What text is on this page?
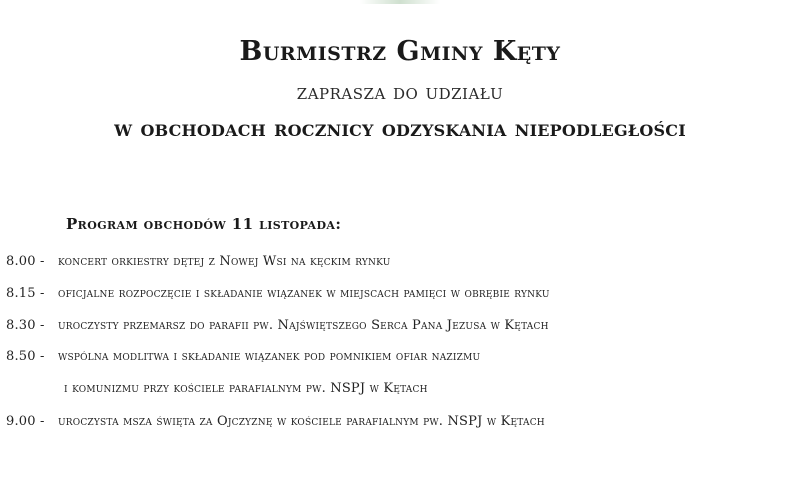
Burmistrz Gminy Kęty
zaprasza do udziału
w obchodach rocznicy odzyskania niepodległości
Program obchodów 11 listopada:
8.00 - koncert orkiestry dętej z Nowej Wsi na kęckim rynku
8.15 - oficjalne rozpoczęcie i składanie wiązanek w miejscach pamięci w obrębie rynku
8.30 - uroczysty przemarsz do parafii pw. Najświętszego Serca Pana Jezusa w Kętach
8.50 - wspólna modlitwa i składanie wiązanek pod pomnikiem ofiar nazizmu
i komunizmu przy kościele parafialnym pw. NSPJ w Kętach
9.00 - uroczysta msza święta za Ojczyznę w kościele parafialnym pw. NSPJ w Kętach
